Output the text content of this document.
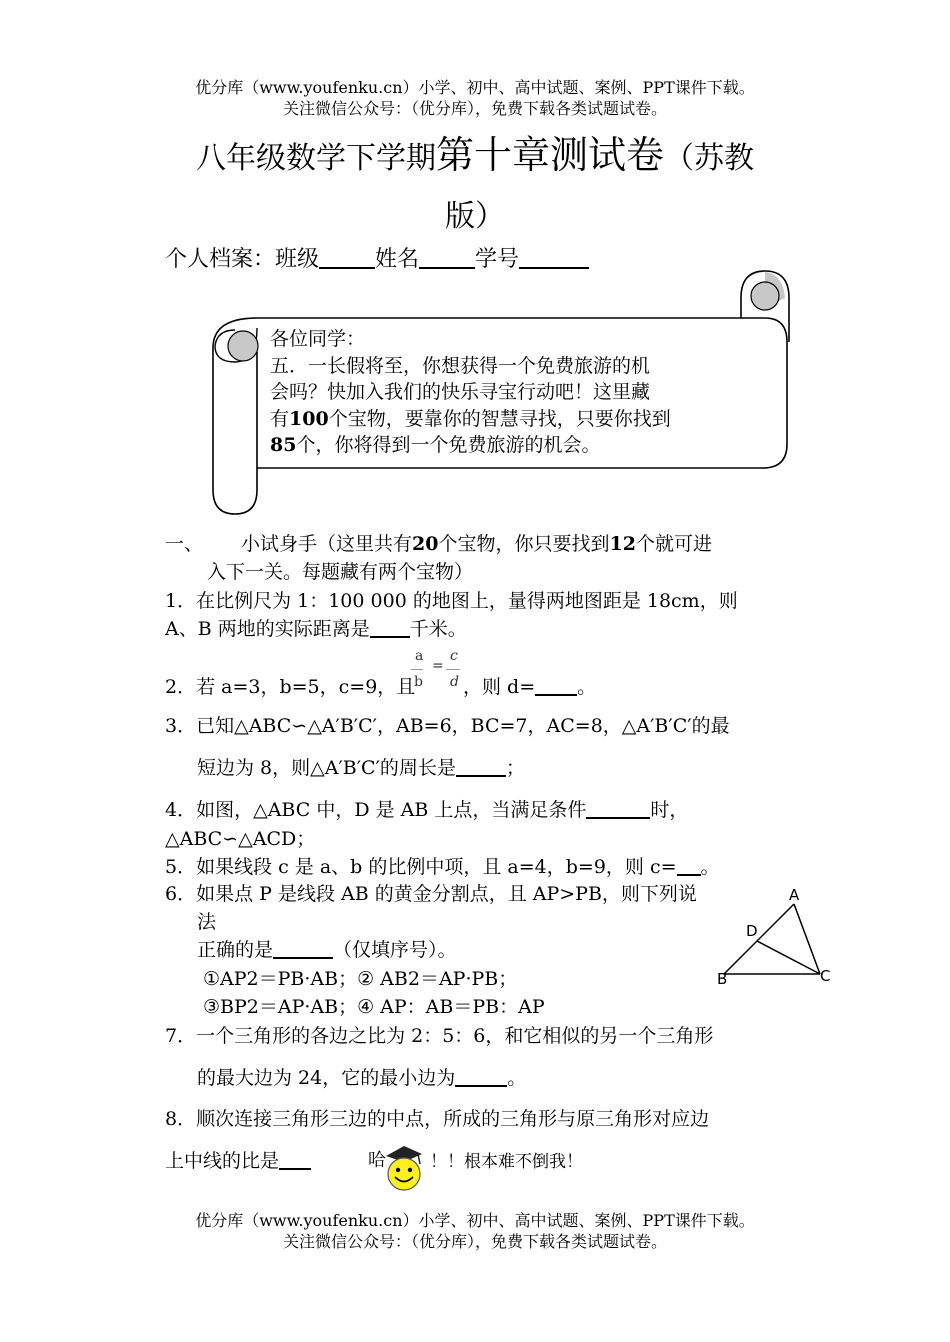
优分库（www.youfenku.cn）小学、初中、高中试题、案例、PPT课件下载。
关注微信公众号：（优分库），免费下载各类试题试卷。
八年级数学下学期第十章测试卷（苏教
版）
个人档案：班级	姓名	学号
各位同学：
五．一长假将至，你想获得一个免费旅游的机
会吗？快加入我们的快乐寻宝行动吧！这里藏
有100个宝物，要靠你的智慧寻找，只要你找到
85个，你将得到一个免费旅游的机会。
一、 小试身手（这里共有20个宝物，你只要找到12个就可进
入下一关。每题藏有两个宝物）
1．在比例尺为 1：100 000 的地图上，量得两地图距是 18cm，则
A、B 两地的实际距离是 千米。
2．若 a=3，b=5，c=9，且
a
b
=
c
d ，则 d= 。
3．已知△ABC∽△A′B′C′，AB=6，BC=7，AC=8，△A′B′C′的最
短边为 8，则△A′B′C′的周长是	；
4．如图，△ABC 中，D 是 AB 上点，当满足条件	时，
△ABC∽△ACD；
5．如果线段 c 是 a、b 的比例中项，且 a=4，b=9，则 c= 。
6．如果点 P 是线段 AB 的黄金分割点，且 AP>PB，则下列说
法
正确的是	（仅填序号）。
①AP2＝PB·AB；② AB2＝AP·PB；
③BP2＝AP·AB；④ AP：AB＝PB：AP
A
B	C
D
7．一个三角形的各边之比为 2：5：6，和它相似的另一个三角形
的最大边为 24，它的最小边为	。
8．顺次连接三角形三边的中点，所成的三角形与原三角形对应边
上中线的比是	哈	！！根本难不倒我！
优分库（www.youfenku.cn）小学、初中、高中试题、案例、PPT课件下载。
关注微信公众号：（优分库），免费下载各类试题试卷。
